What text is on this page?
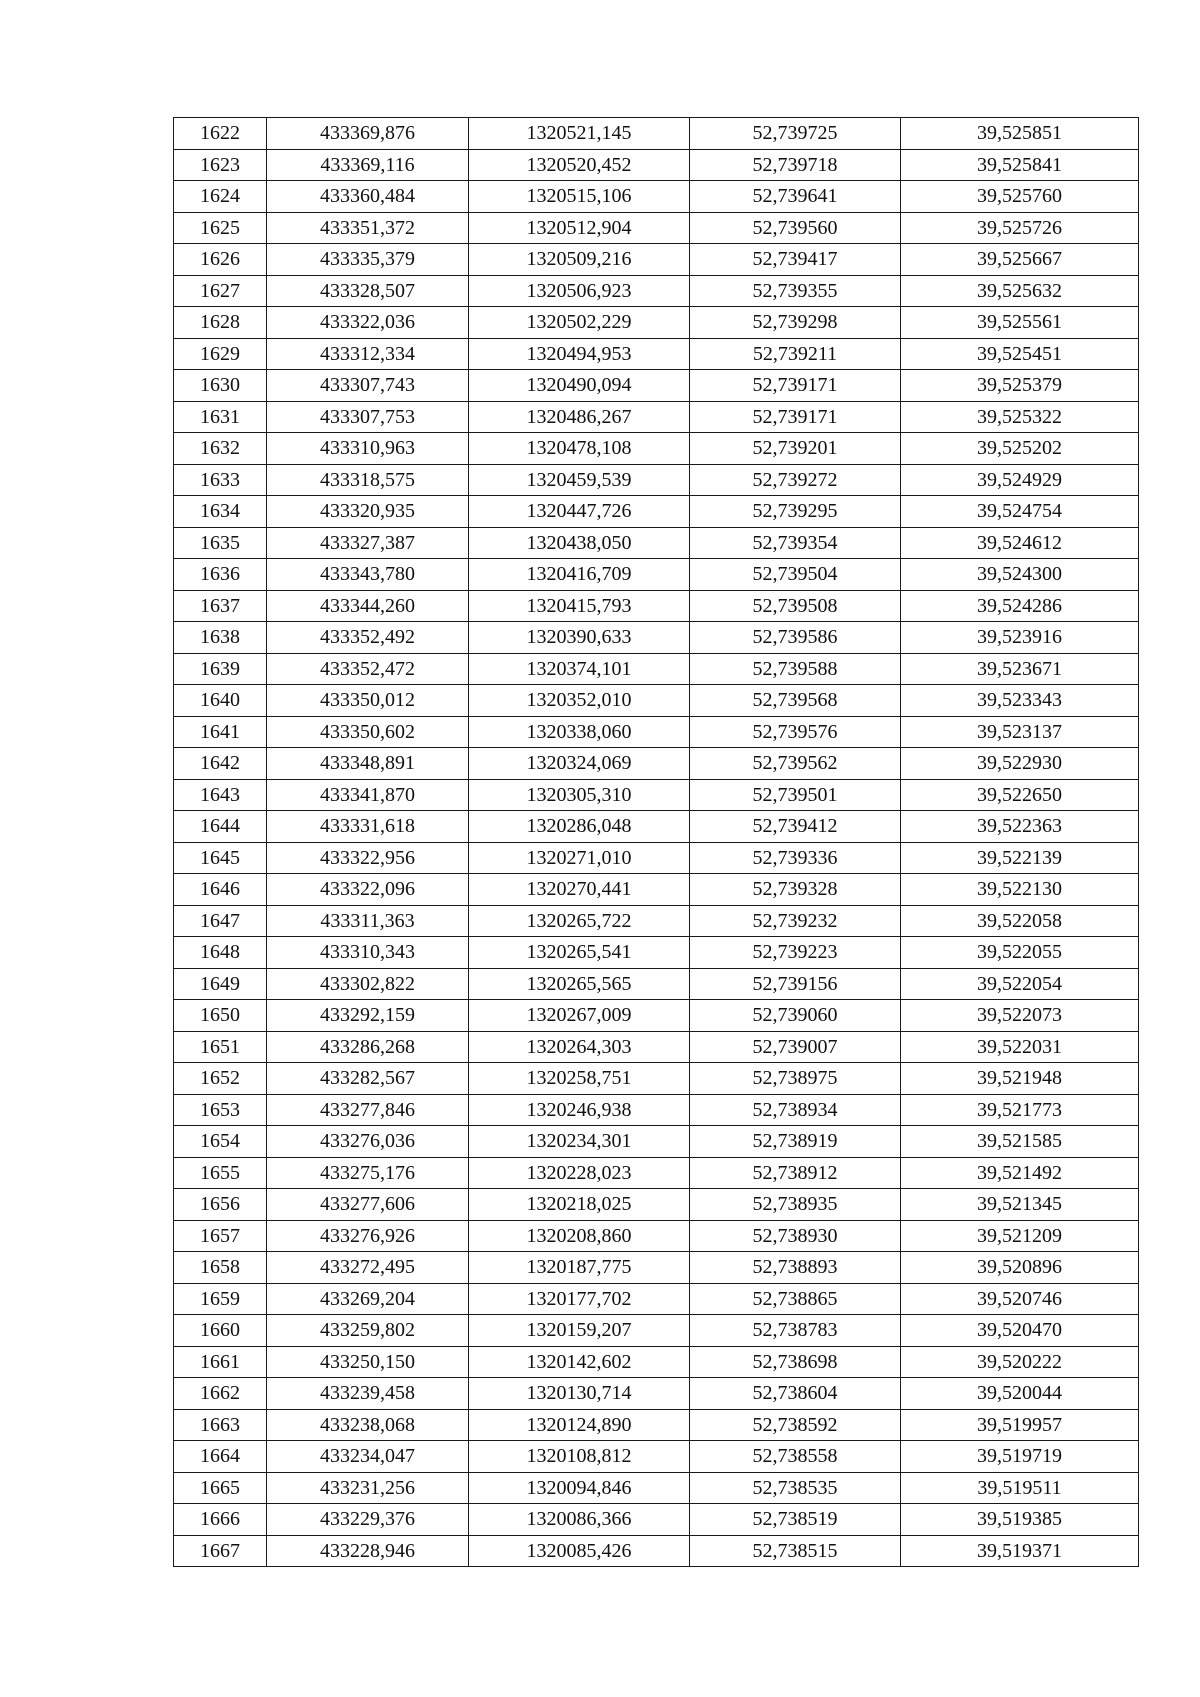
1622	433369,876	1320521,145	52,739725	39,525851
1623	433369,116	1320520,452	52,739718	39,525841
1624	433360,484	1320515,106	52,739641	39,525760
1625	433351,372	1320512,904	52,739560	39,525726
1626	433335,379	1320509,216	52,739417	39,525667
1627	433328,507	1320506,923	52,739355	39,525632
1628	433322,036	1320502,229	52,739298	39,525561
1629	433312,334	1320494,953	52,739211	39,525451
1630	433307,743	1320490,094	52,739171	39,525379
1631	433307,753	1320486,267	52,739171	39,525322
1632	433310,963	1320478,108	52,739201	39,525202
1633	433318,575	1320459,539	52,739272	39,524929
1634	433320,935	1320447,726	52,739295	39,524754
1635	433327,387	1320438,050	52,739354	39,524612
1636	433343,780	1320416,709	52,739504	39,524300
1637	433344,260	1320415,793	52,739508	39,524286
1638	433352,492	1320390,633	52,739586	39,523916
1639	433352,472	1320374,101	52,739588	39,523671
1640	433350,012	1320352,010	52,739568	39,523343
1641	433350,602	1320338,060	52,739576	39,523137
1642	433348,891	1320324,069	52,739562	39,522930
1643	433341,870	1320305,310	52,739501	39,522650
1644	433331,618	1320286,048	52,739412	39,522363
1645	433322,956	1320271,010	52,739336	39,522139
1646	433322,096	1320270,441	52,739328	39,522130
1647	433311,363	1320265,722	52,739232	39,522058
1648	433310,343	1320265,541	52,739223	39,522055
1649	433302,822	1320265,565	52,739156	39,522054
1650	433292,159	1320267,009	52,739060	39,522073
1651	433286,268	1320264,303	52,739007	39,522031
1652	433282,567	1320258,751	52,738975	39,521948
1653	433277,846	1320246,938	52,738934	39,521773
1654	433276,036	1320234,301	52,738919	39,521585
1655	433275,176	1320228,023	52,738912	39,521492
1656	433277,606	1320218,025	52,738935	39,521345
1657	433276,926	1320208,860	52,738930	39,521209
1658	433272,495	1320187,775	52,738893	39,520896
1659	433269,204	1320177,702	52,738865	39,520746
1660	433259,802	1320159,207	52,738783	39,520470
1661	433250,150	1320142,602	52,738698	39,520222
1662	433239,458	1320130,714	52,738604	39,520044
1663	433238,068	1320124,890	52,738592	39,519957
1664	433234,047	1320108,812	52,738558	39,519719
1665	433231,256	1320094,846	52,738535	39,519511
1666	433229,376	1320086,366	52,738519	39,519385
1667	433228,946	1320085,426	52,738515	39,519371
